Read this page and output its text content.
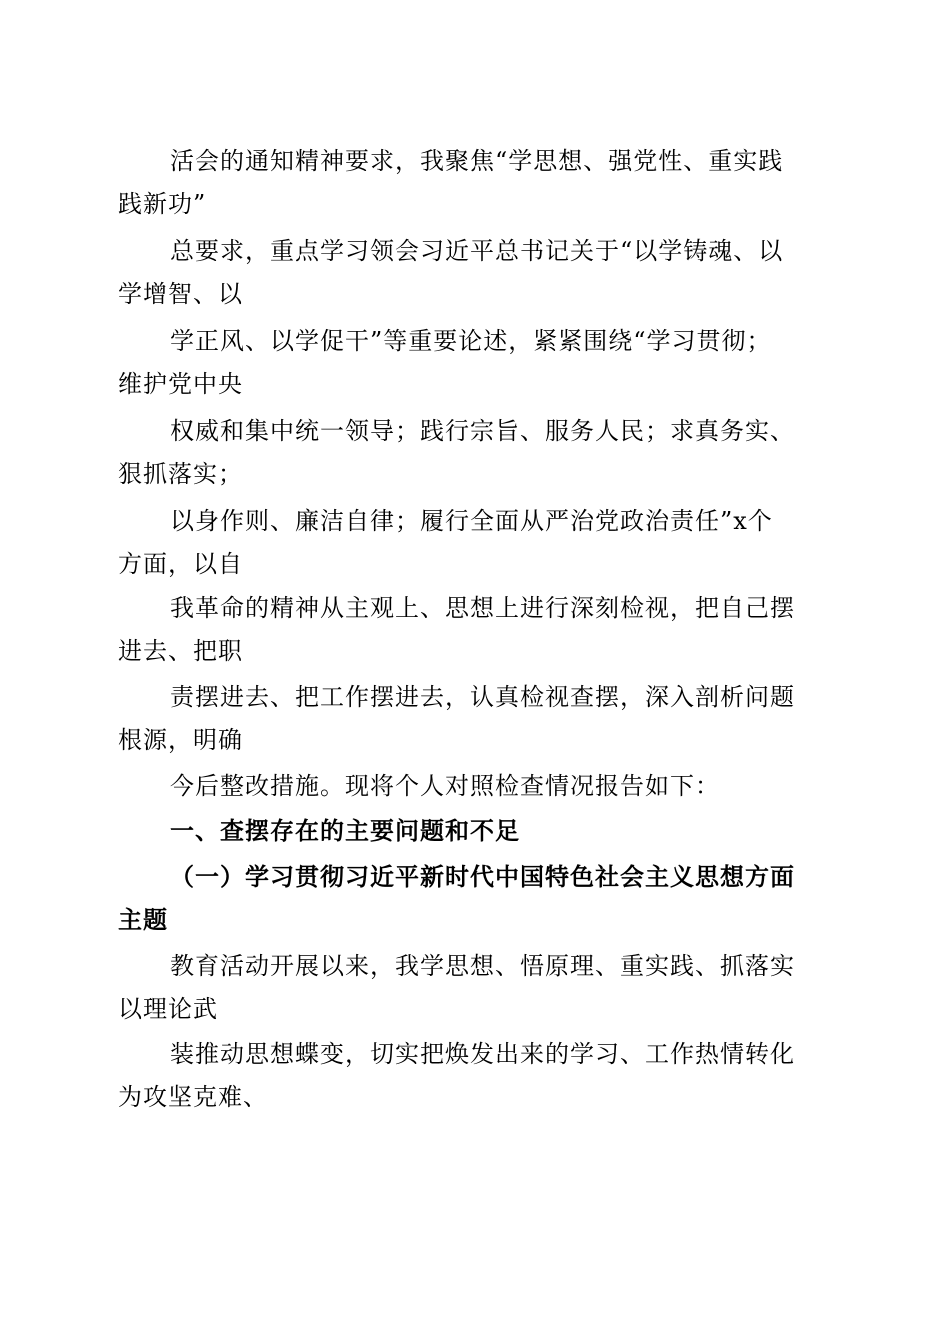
活会的通知精神要求，我聚焦“学思想、强党性、重实践
践新功”

总要求，重点学习领会习近平总书记关于“以学铸魂、以
学增智、以

学正风、以学促干”等重要论述，紧紧围绕“学习贯彻；
维护党中央

权威和集中统一领导；践行宗旨、服务人民；求真务实、
狠抓落实；

以身作则、廉洁自律；履行全面从严治党政治责任”x个
方面，以自

我革命的精神从主观上、思想上进行深刻检视，把自己摆
进去、把职

责摆进去、把工作摆进去，认真检视查摆，深入剖析问题
根源，明确

今后整改措施。现将个人对照检查情况报告如下：

一、查摆存在的主要问题和不足

（一）学习贯彻习近平新时代中国特色社会主义思想方面
主题

教育活动开展以来，我学思想、悟原理、重实践、抓落实
以理论武

装推动思想蝶变，切实把焕发出来的学习、工作热情转化
为攻坚克难、
